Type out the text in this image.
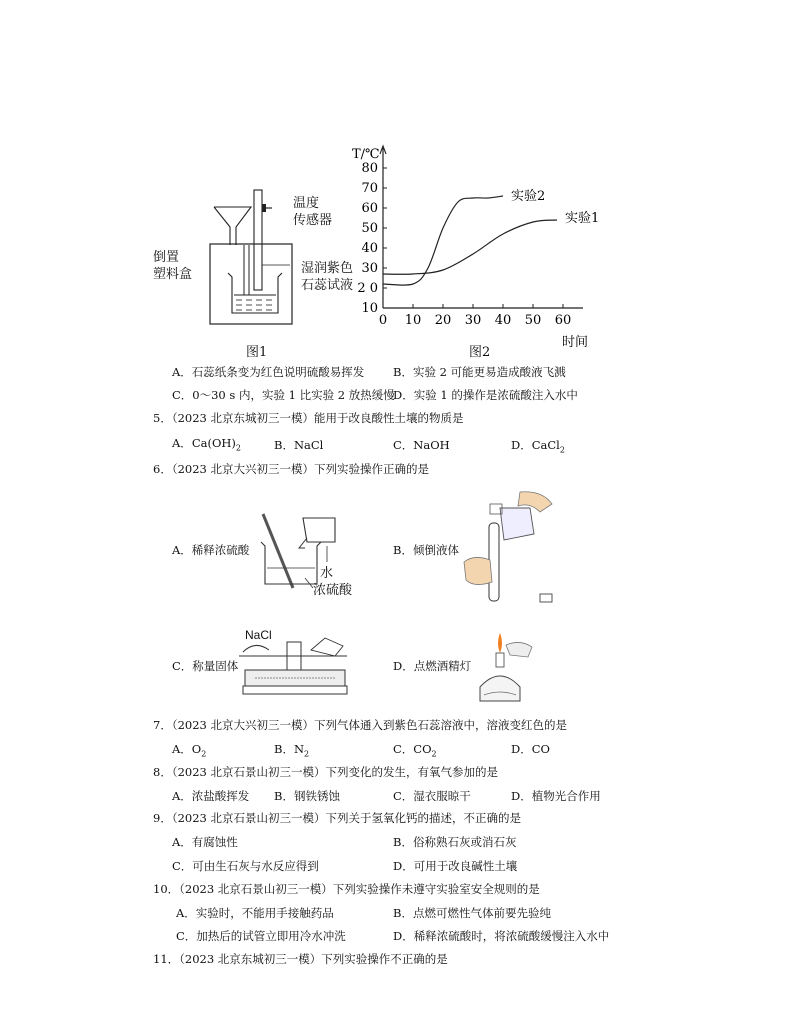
倒置
塑料盒
温度
传感器
湿润紫色
石蕊试液
图1
10
2 0
30
40
50
60
70
80
0 10 20 30 40 50 60
T/℃
时间
实验2
实验1
图2
A．石蕊纸条变为红色说明硫酸易挥发 B．实验 2 可能更易造成酸液飞溅
C．0～30 s 内，实验 1 比实验 2 放热缓慢
D．实验 1 的操作是浓硫酸注入水中
5．（2023 北京东城初三一模）能用于改良酸性土壤的物质是
A．$Ca(OH)_2$	B．NaCl	C．NaOH	D．CaCl$_2$
6．（2023 北京大兴初三一模）下列实验操作正确的是
A．稀释浓硫酸
水
浓硫酸
B．倾倒液体
C．称量固体
NaCl
D．点燃酒精灯
7．（2023 北京大兴初三一模）下列气体通入到紫色石蕊溶液中，溶液变红色的是
A．$O_2$	B．$N_2$	C．$CO_2$	D．CO
8．（2023 北京石景山初三一模）下列变化的发生，有氧气参加的是
A．浓盐酸挥发 B．钢铁锈蚀	C．湿衣服晾干	D．植物光合作用
9．（2023 北京石景山初三一模）下列关于氢氧化钙的描述，不正确的是
A．有腐蚀性	B．俗称熟石灰或消石灰
C．可由生石灰与水反应得到	D．可用于改良碱性土壤
10．（2023 北京石景山初三一模）下列实验操作未遵守实验室安全规则的是
A．实验时，不能用手接触药品	B．点燃可燃性气体前要先验纯
C．加热后的试管立即用冷水冲洗	D．稀释浓硫酸时，将浓硫酸缓慢注入水中
11．（2023 北京东城初三一模）下列实验操作不正确的是
